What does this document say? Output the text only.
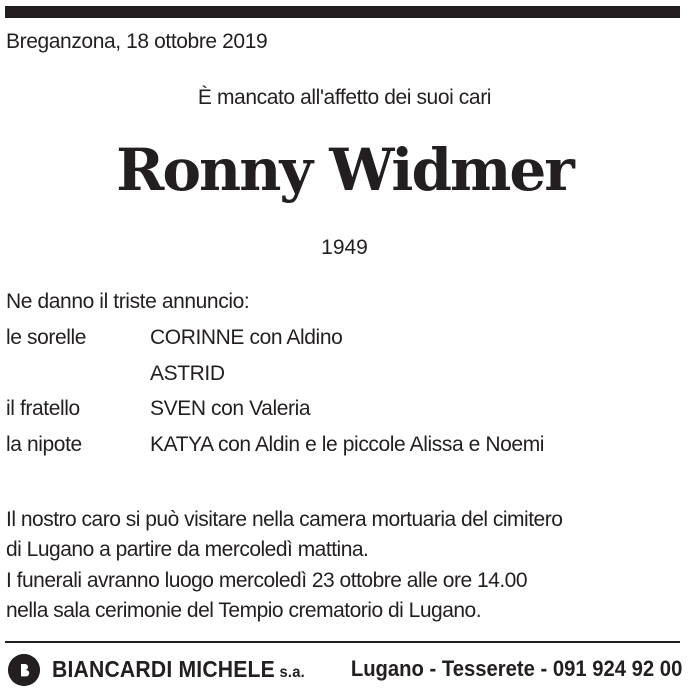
Breganzona, 18 ottobre 2019
È mancato all'affetto dei suoi cari
Ronny Widmer
1949
Ne danno il triste annuncio:
le sorelle	CORINNE con Aldino
ASTRID
il fratello	SVEN con Valeria
la nipote	KATYA con Aldin e le piccole Alissa e Noemi
Il nostro caro si può visitare nella camera mortuaria del cimitero
di Lugano a partire da mercoledì mattina.
I funerali avranno luogo mercoledì 23 ottobre alle ore 14.00
nella sala cerimonie del Tempio crematorio di Lugano.
BIANCARDI MICHELE s.a. Lugano - Tesserete - 091 924 92 00
